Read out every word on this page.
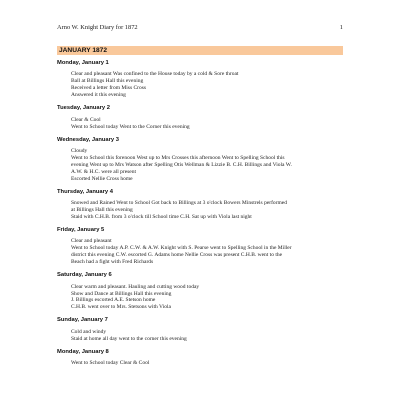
Arno W. Knight Diary for 1872	1
JANUARY 1872
Monday, January 1
Clear and pleasant Was confined to the House today by a cold & Sore throat
Ball at Billings Hall this evening
Received a letter from Miss Cross
Answered it this evening
Tuesday, January 2
Clear & Cool
Went to School today Went to the Corner this evening
Wednesday, January 3
Cloudy
Went to School this forenoon West up to Mrs Crosses this afternoon Went to Spelling School this
evening Went up to Mrs Watson after Spelling Otis Wellman & Lizzie B. C.H. Billings and Viola W.
A.W. & H.C. were all present
Escorted Nellie Cross home
Thursday, January 4
Snowed and Rained Went to School Got back to Billings at 3 o'clock Bowers Minstrels performed
at Billings Hall this evening
Staid with C.H.B. from 3 o'clock till School time C.H. Sat up with Viola last night
Friday, January 5
Clear and pleasant
Went to School today A.P. C.W. & A.W. Knight with S. Pearse went to Spelling School in the Miller
district this evening C.W. escorted G. Adams home Nellie Cross was present C.H.B. went to the
Beach had a fight with Fred Richards
Saturday, January 6
Clear warm and pleasant. Hauling and cutting wood today
Show and Dance at Billings Hall this evening
J. Billings escorted A.E. Stetson home
C.H.B. went over to Mrs. Stetsons with Viola
Sunday, January 7
Cold and windy
Staid at home all day went to the corner this evening
Monday, January 8
Went to School today Clear & Cool
